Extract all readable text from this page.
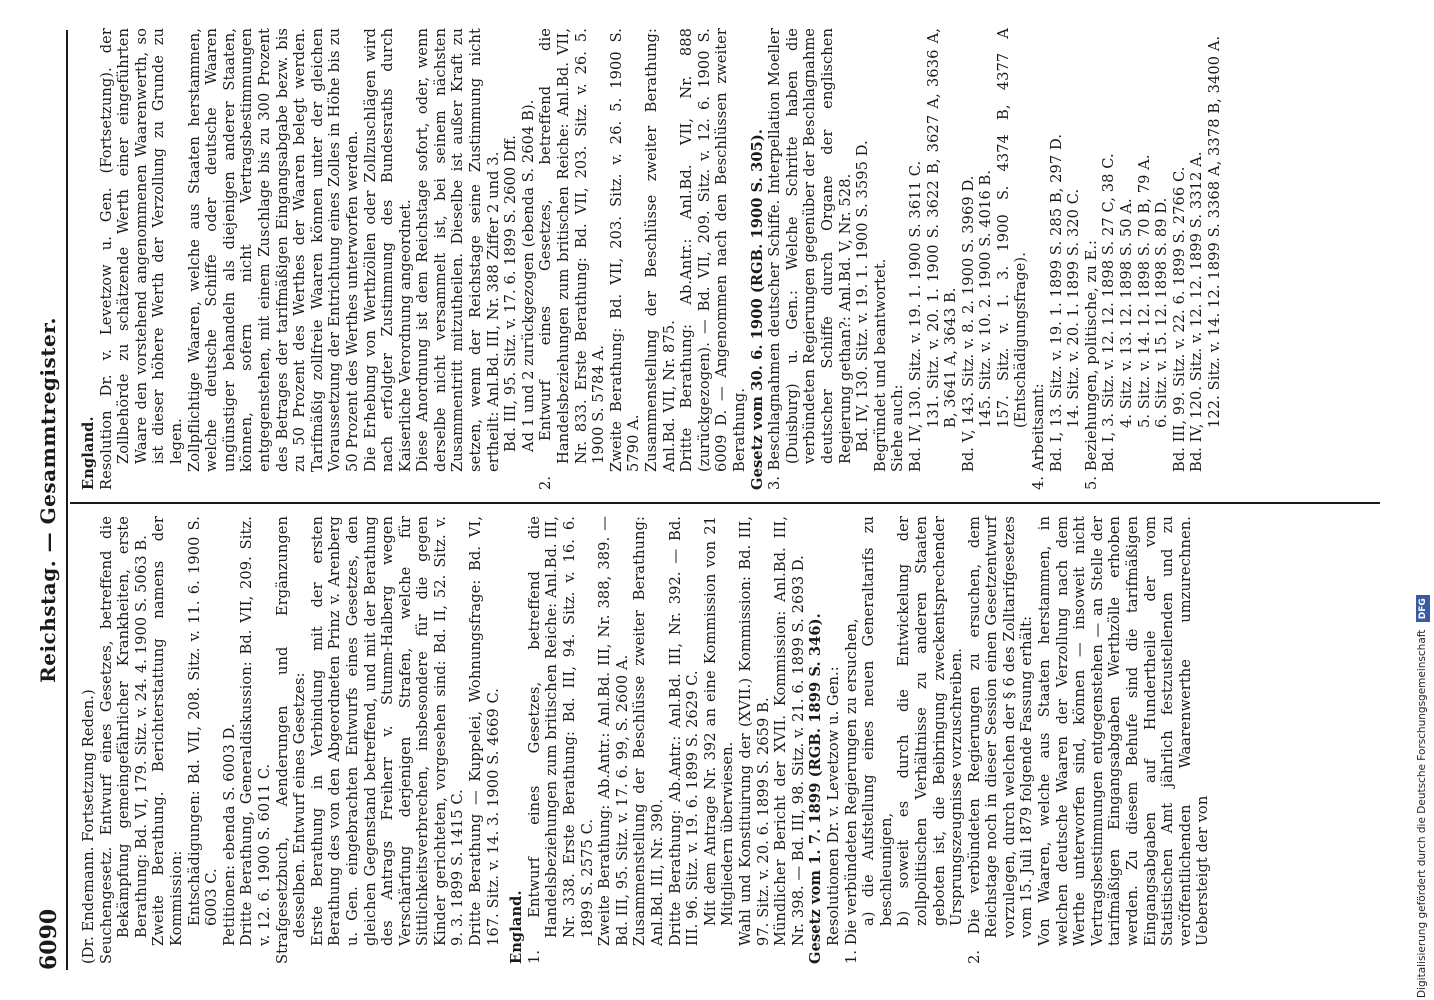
6090
Reichstag. — Gesammtregister.

(Dr. Endemann. Fortsetzung Reden.) Seuchengesetz. Entwurf eines Gesetzes, betreffend die Bekämpfung gemeingefährlicher Krankheiten, erste Berathung: Bd. VI, 179. Sitz. v. 24. 4. 1900 S. 5063 B. Zweite Berathung. Berichterstattung namens der Kommission: Entschädigungen: Bd. VII, 208. Sitz. v. 11. 6. 1900 S. 6003 C. Petitionen: ebenda S. 6003 D. Dritte Berathung, Generaldiskussion: Bd. VII, 209. Sitz. v. 12. 6. 1900 S. 6011 C. Strafgesetzbuch, Aenderungen und Ergänzungen desselben. Entwurf eines Gesetzes: Erste Berathung in Verbindung mit der ersten Berathung des von den Abgeordneten Prinz v. Arenberg u. Gen. eingebrachten Entwurfs eines Gesetzes, den gleichen Gegenstand betreffend, und mit der Berathung des Antrags Freiherr v. Stumm-Halberg wegen Verschärfung derjenigen Strafen, welche für Sittlichkeitsverbrechen, insbesondere für die gegen Kinder gerichteten, vorgesehen sind: Bd. II, 52. Sitz. v. 9. 3. 1899 S. 1415 C. Dritte Berathung — Kuppelei, Wohnungsfrage: Bd. VI, 167. Sitz. v. 14. 3. 1900 S. 4669 C. England. 1. Entwurf eines Gesetzes, betreffend die Handelsbeziehungen zum britischen Reiche: Anl.Bd. III, Nr. 338. Erste Berathung: Bd. III, 94. Sitz. v. 16. 6. 1899 S. 2575 C. Zweite Berathung: Ab.Antr.: Anl.Bd. III, Nr. 388, 389. — Bd. III, 95. Sitz. v. 17. 6. 99, S. 2600 A. Zusammenstellung der Beschlüsse zweiter Berathung: Anl.Bd. III, Nr. 390. Dritte Berathung: Ab.Antr.: Anl.Bd. III, Nr. 392. — Bd. III. 96. Sitz. v. 19. 6. 1899 S. 2629 C. Mit dem Antrage Nr. 392 an eine Kommission von 21 Mitgliedern überwiesen. Wahl und Konstituirung der (XVII.) Kommission: Bd. III, 97. Sitz. v. 20. 6. 1899 S. 2659 B. Mündlicher Bericht der XVII. Kommission: Anl.Bd. III, Nr. 398. — Bd. III, 98. Sitz. v. 21. 6. 1899 S. 2693 D. Gesetz vom 1. 7. 1899 (RGB. 1899 S. 346). Resolutionen Dr. v. Levetzow u. Gen.: 1. Die verbündeten Regierungen zu ersuchen, a) die Aufstellung eines neuen Generaltarifs zu beschleunigen, b) soweit es durch die Entwickelung der zollpolitischen Verhältnisse zu anderen Staaten geboten ist, die Beibringung zweckentsprechender Ursprungszeugnisse vorzuschreiben. 2. Die verbündeten Regierungen zu ersuchen, dem Reichstage noch in dieser Session einen Gesetzentwurf vorzulegen, durch welchen der § 6 des Zolltarifgesetzes vom 15. Juli 1879 folgende Fassung erhält: Von Waaren, welche aus Staaten herstammen, in welchen deutsche Waaren der Verzollung nach dem Werthe unterworfen sind, können — insoweit nicht Vertragsbestimmungen entgegenstehen — an Stelle der tarifmäßigen Eingangsabgaben Werthzölle erhoben werden. Zu diesem Behufe sind die tarifmäßigen Eingangsabgaben auf Hundertheile der vom Statistischen Amt jährlich festzustellenden und zu veröffentlichenden Waarenwerthe umzurechnen. Uebersteigt der von

England. Resolution Dr. v. Levetzow u. Gen. (Fortsetzung). der Zollbehörde zu schätzende Werth einer eingeführten Waare den vorstehend angenommenen Waarenwerth, so ist dieser höhere Werth der Verzollung zu Grunde zu legen. Zollpflichtige Waaren, welche aus Staaten herstammen, welche deutsche Schiffe oder deutsche Waaren ungünstiger behandeln als diejenigen anderer Staaten, können, sofern nicht Vertragsbestimmungen entgegenstehen, mit einem Zuschlage bis zu 300 Prozent des Betrages der tarifmäßigen Eingangsabgabe bezw. bis zu 50 Prozent des Werthes der Waaren belegt werden. Tarifmäßig zollfreie Waaren können unter der gleichen Voraussetzung der Entrichtung eines Zolles in Höhe bis zu 50 Prozent des Werthes unterworfen werden. Die Erhebung von Werthzöllen oder Zollzuschlägen wird nach erfolgter Zustimmung des Bundesraths durch Kaiserliche Verordnung angeordnet. Diese Anordnung ist dem Reichstage sofort, oder, wenn derselbe nicht versammelt ist, bei seinem nächsten Zusammentritt mitzutheilen. Dieselbe ist außer Kraft zu setzen, wenn der Reichstage seine Zustimmung nicht ertheilt: Anl.Bd. III, Nr. 388 Ziffer 2 und 3. Bd. III, 95. Sitz. v. 17. 6. 1899 S. 2600 Dff. Ad 1 und 2 zurückgezogen (ebenda S. 2604 B). 2. Entwurf eines Gesetzes, betreffend die Handelsbeziehungen zum britischen Reiche: Anl.Bd. VII, Nr. 833. Erste Berathung: Bd. VII, 203. Sitz. v. 26. 5. 1900 S. 5784 A. Zweite Berathung: Bd. VII, 203. Sitz. v. 26. 5. 1900 S. 5790 A. Zusammenstellung der Beschlüsse zweiter Berathung: Anl.Bd. VII, Nr. 875. Dritte Berathung: Ab.Antr.: Anl.Bd. VII, Nr. 888 (zurückgezogen). — Bd. VII, 209. Sitz. v. 12. 6. 1900 S. 6009 D. — Angenommen nach den Beschlüssen zweiter Berathung. Gesetz vom 30. 6. 1900 (RGB. 1900 S. 305). 3. Beschlagnahmen deutscher Schiffe. Interpellation Moeller (Duisburg) u. Gen.: Welche Schritte haben die verbündeten Regierungen gegenüber der Beschlagnahme deutscher Schiffe durch Organe der englischen Regierung gethan?: Anl.Bd. V, Nr. 528. Bd. IV, 130. Sitz. v. 19. 1. 1900 S. 3595 D. Begründet und beantwortet. Siehe auch: Bd. IV, 130. Sitz. v. 19. 1. 1900 S. 3611 C. 131. Sitz. v. 20. 1. 1900 S. 3622 B, 3627 A, 3636 A, B, 3641 A, 3643 B. Bd. V, 143. Sitz. v. 8. 2. 1900 S. 3969 D. 145. Sitz. v. 10. 2. 1900 S. 4016 B. 157. Sitz. v. 1. 3. 1900 S. 4374 B, 4377 A (Entschädigungsfrage).

4. Arbeitsamt: Bd. I, 13. Sitz. v. 19. 1. 1899 S. 285 B, 297 D. 14. Sitz. v. 20. 1. 1899 S. 320 C. 5. Beziehungen, politische, zu E.: Bd. I, 3. Sitz. v. 12. 12. 1898 S. 27 C, 38 C. 4. Sitz. v. 13. 12. 1898 S. 50 A. 5. Sitz. v. 14. 12. 1898 S. 70 B, 79 A. 6. Sitz. v. 15. 12. 1898 S. 89 D. Bd. III, 99. Sitz. v. 22. 6. 1899 S. 2766 C. Bd. IV, 120. Sitz. v. 12. 12. 1899 S. 3312 A. 122. Sitz. v. 14. 12. 1899 S. 3368 A, 3378 B, 3400 A.

Digitalisierung gefördert durch die Deutsche Forschungsgemeinschaft DFG
